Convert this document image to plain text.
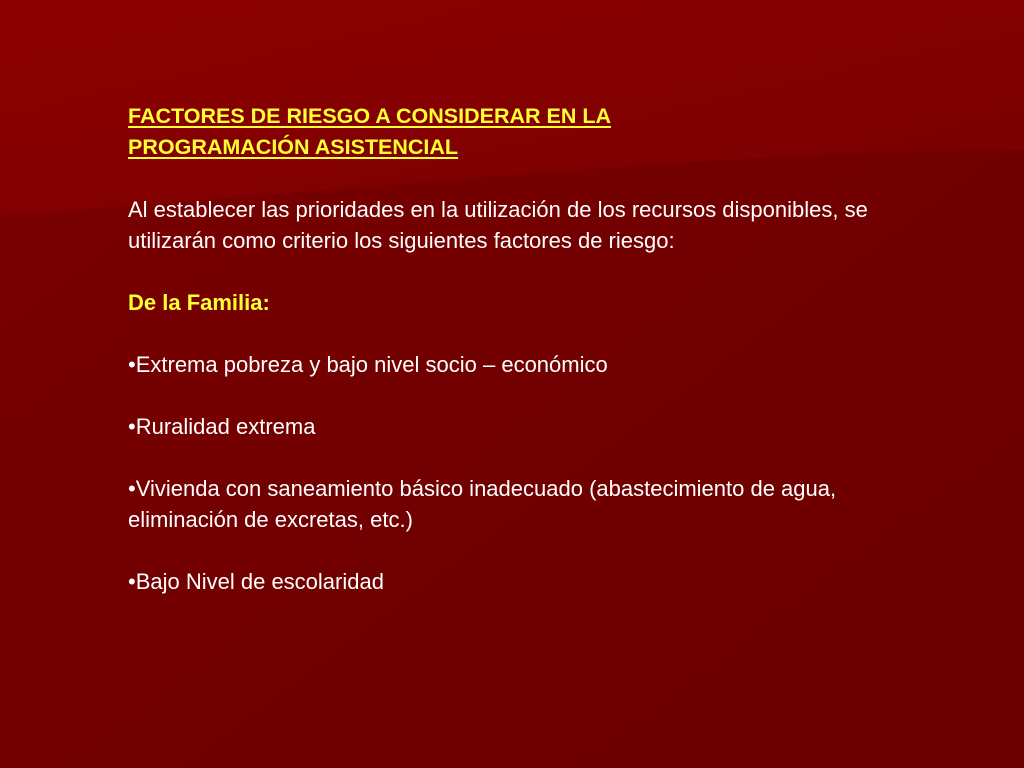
FACTORES DE RIESGO A CONSIDERAR EN LA
PROGRAMACIÓN ASISTENCIAL

Al establecer las prioridades en la utilización de los recursos disponibles, se utilizarán como criterio los siguientes factores de riesgo:

De la Familia:

•Extrema pobreza y bajo nivel socio – económico
•Ruralidad extrema
•Vivienda con saneamiento básico inadecuado (abastecimiento de agua, eliminación de excretas, etc.)
•Bajo Nivel de escolaridad
